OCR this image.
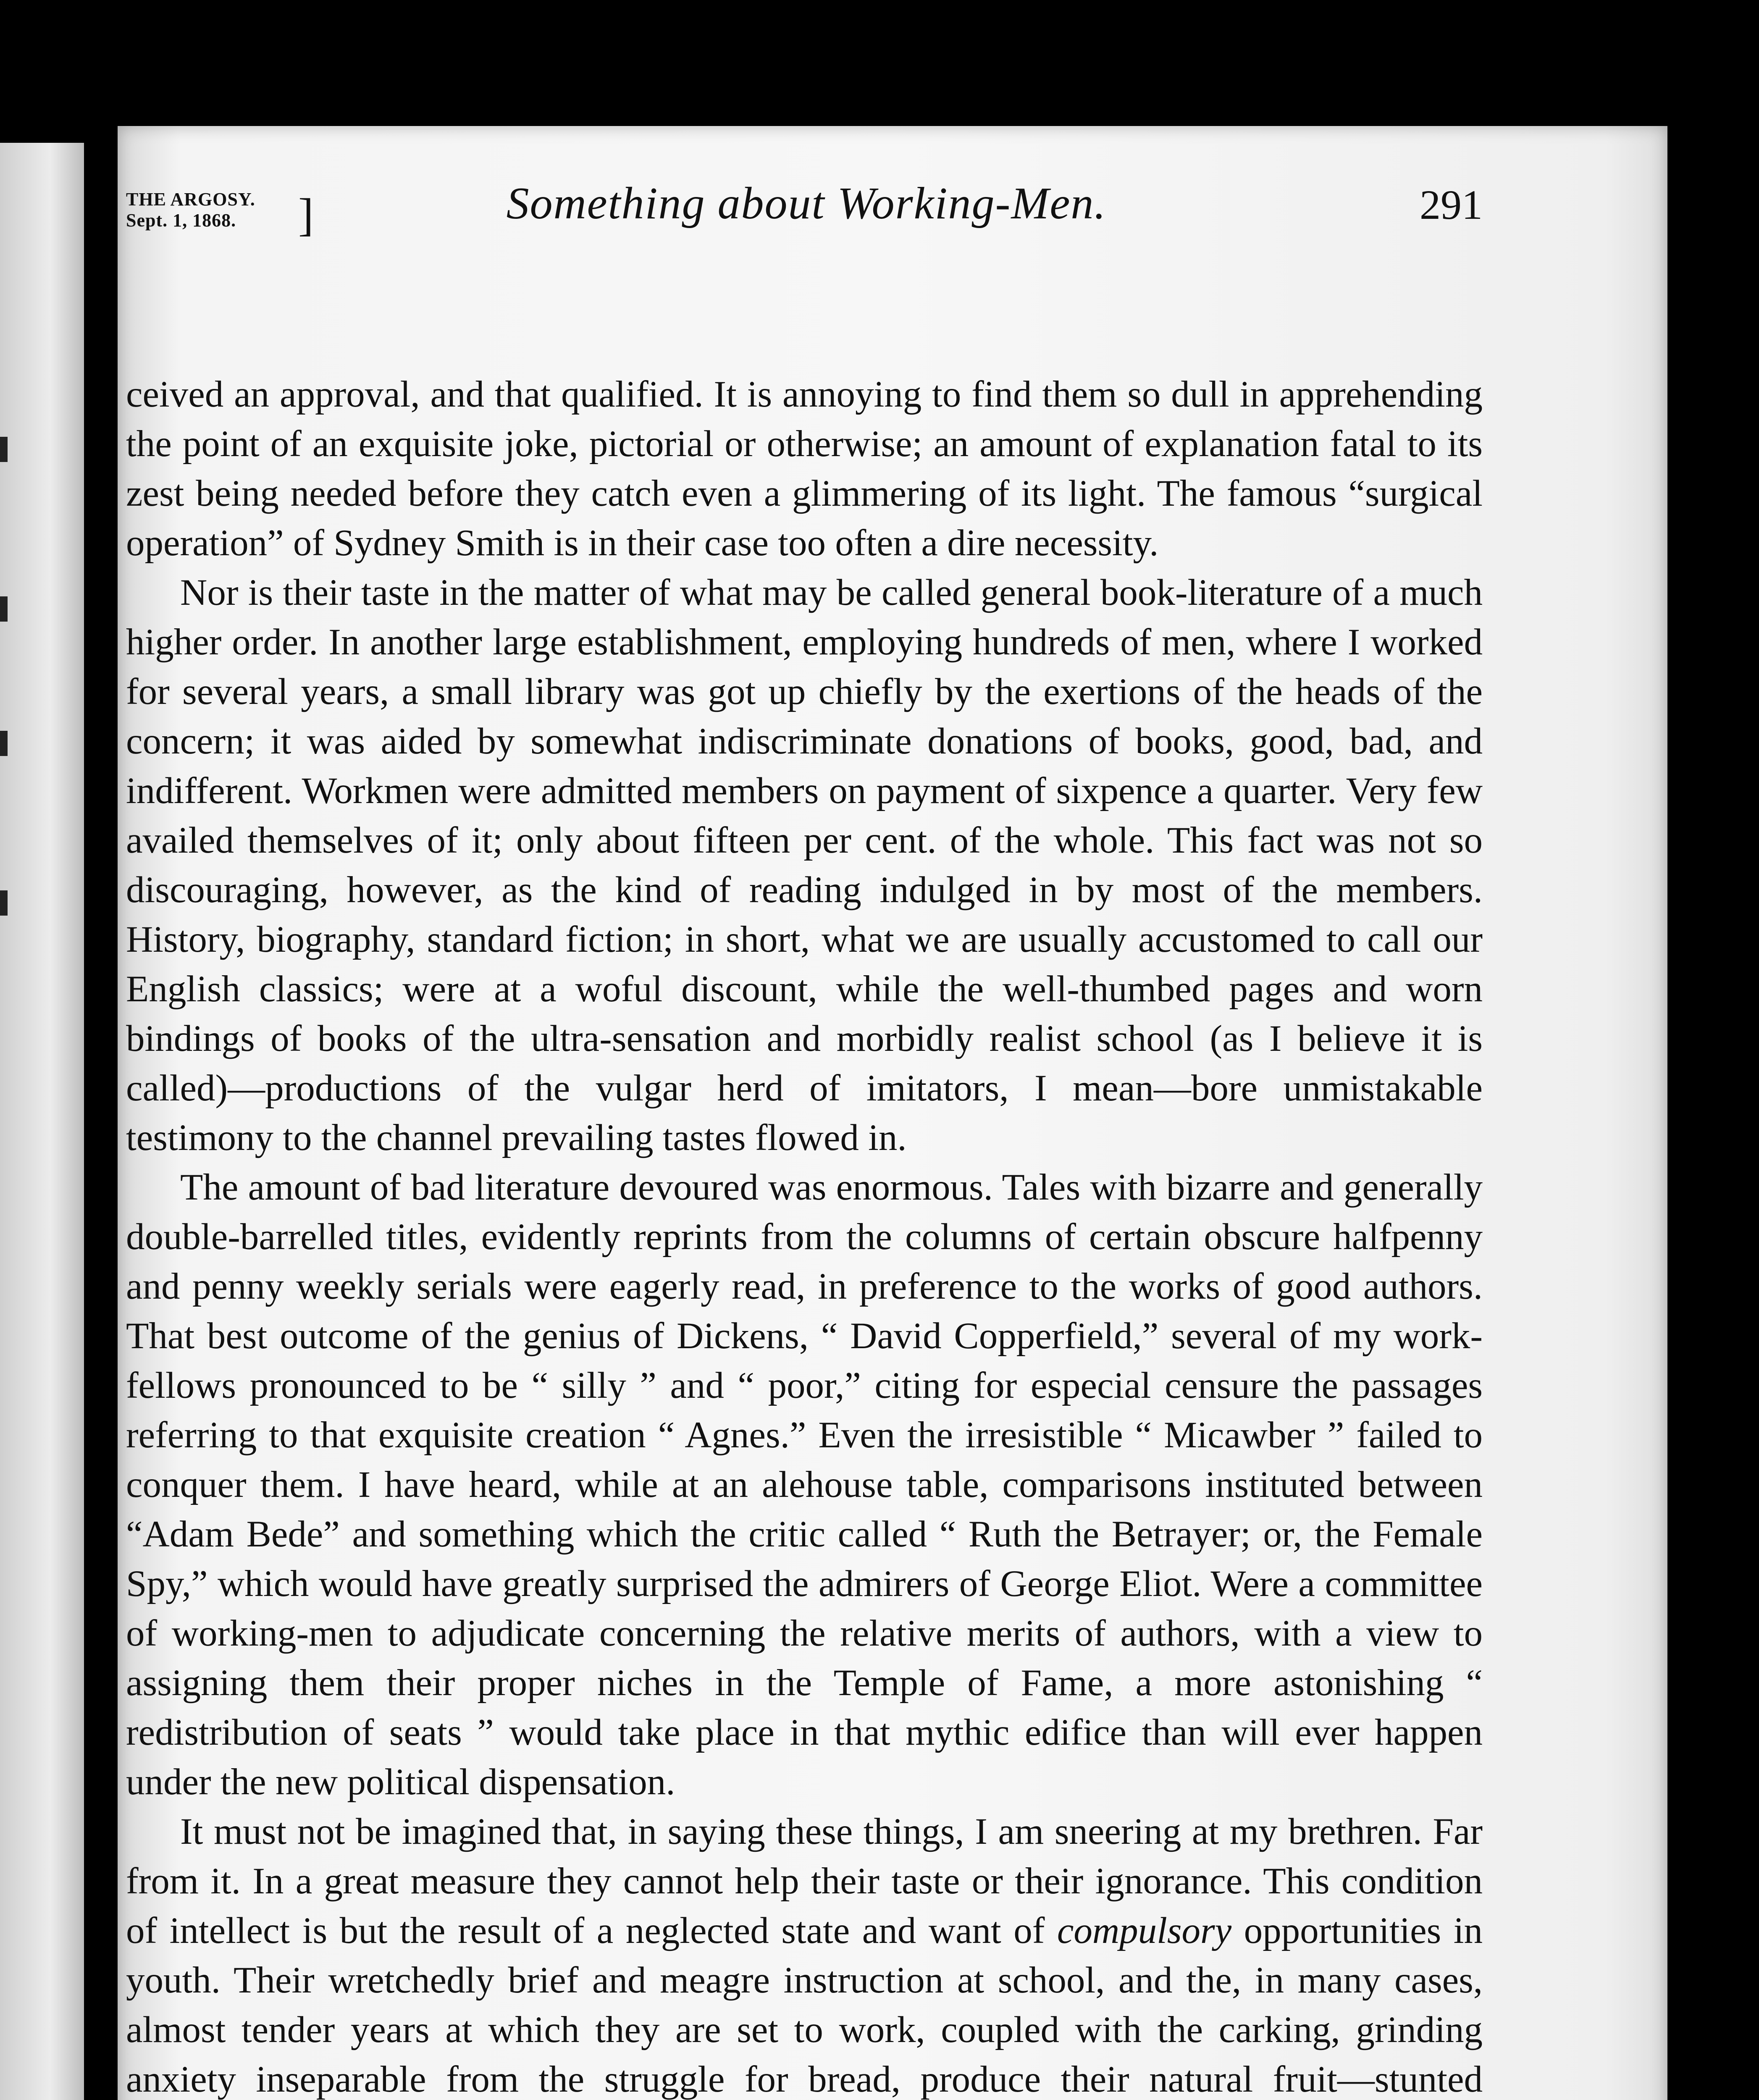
THE ARGOSY.
Sept. 1, 1868.	]	Something about Working-Men.	291

ceived an approval, and that qualified. It is annoying to find them so dull in apprehending the point of an exquisite joke, pictorial or otherwise; an amount of explanation fatal to its zest being needed before they catch even a glimmering of its light. The famous “surgical operation” of Sydney Smith is in their case too often a dire necessity.

Nor is their taste in the matter of what may be called general book-literature of a much higher order. In another large establishment, employing hundreds of men, where I worked for several years, a small library was got up chiefly by the exertions of the heads of the concern; it was aided by somewhat indiscriminate donations of books, good, bad, and indifferent. Workmen were admitted members on payment of sixpence a quarter. Very few availed themselves of it; only about fifteen per cent. of the whole. This fact was not so discouraging, however, as the kind of reading indulged in by most of the members. History, biography, standard fiction; in short, what we are usually accustomed to call our English classics; were at a woful discount, while the well-thumbed pages and worn bindings of books of the ultra-sensation and morbidly realist school (as I believe it is called)—productions of the vulgar herd of imitators, I mean—bore unmistakable testimony to the channel prevailing tastes flowed in.

The amount of bad literature devoured was enormous. Tales with bizarre and generally double-barrelled titles, evidently reprints from the columns of certain obscure halfpenny and penny weekly serials were eagerly read, in preference to the works of good authors. That best outcome of the genius of Dickens, “ David Copperfield,” several of my work-fellows pronounced to be “ silly ” and “ poor,” citing for especial censure the passages referring to that exquisite creation “ Agnes.” Even the irresistible “ Micawber ” failed to conquer them. I have heard, while at an alehouse table, comparisons instituted between “Adam Bede” and something which the critic called “ Ruth the Betrayer; or, the Female Spy,” which would have greatly surprised the admirers of George Eliot. Were a committee of working-men to adjudicate concerning the relative merits of authors, with a view to assigning them their proper niches in the Temple of Fame, a more astonishing “ redistribution of seats ” would take place in that mythic edifice than will ever happen under the new political dispensation.

It must not be imagined that, in saying these things, I am sneering at my brethren. Far from it. In a great measure they cannot help their taste or their ignorance. This condition of intellect is but the result of a neglected state and want of compulsory opportunities in youth. Their wretchedly brief and meagre instruction at school, and the, in many cases, almost tender years at which they are set to work, coupled with the carking, grinding anxiety inseparable from the struggle for bread, produce their natural fruit—stunted
